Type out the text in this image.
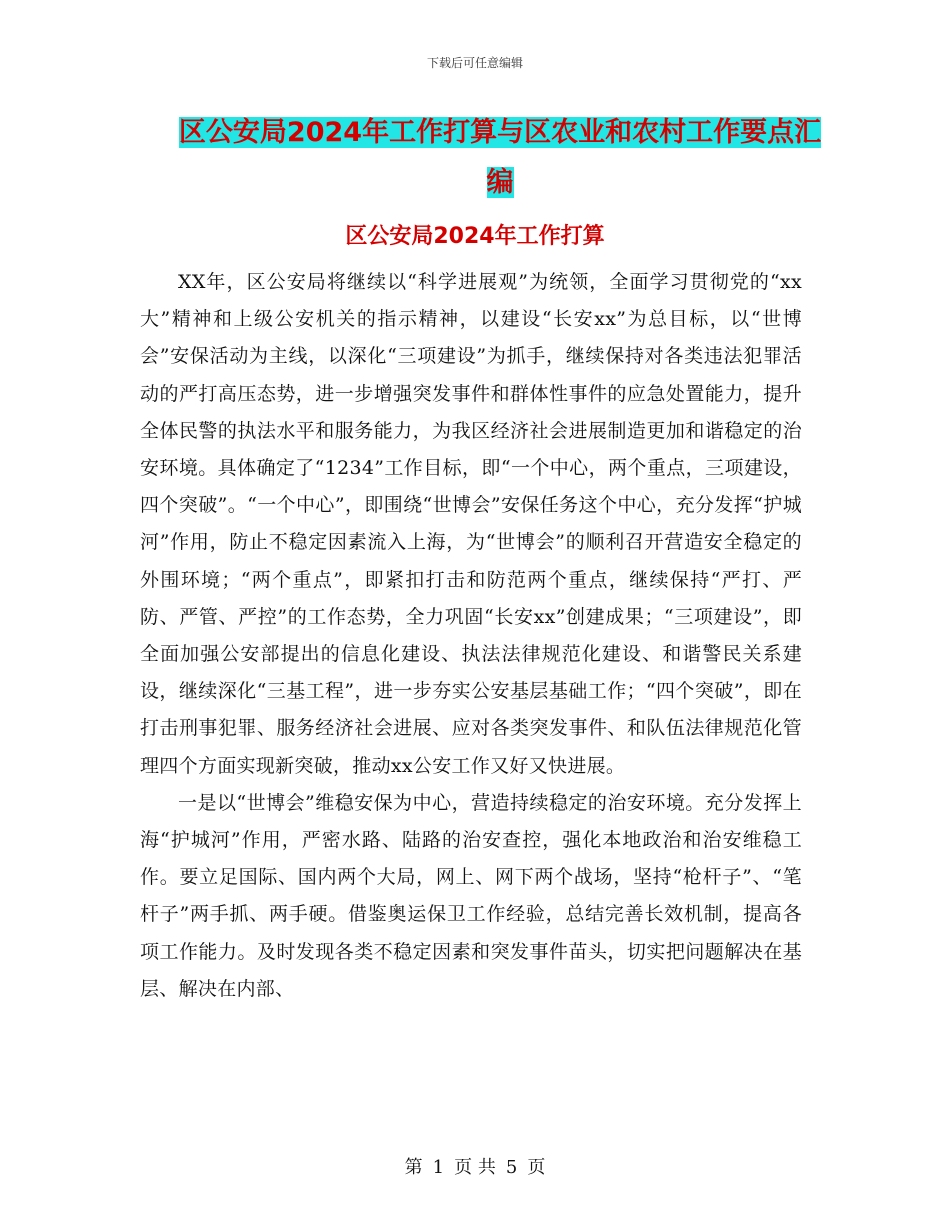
下载后可任意编辑
区公安局2024年工作打算与区农业和农村工作要点汇
编
区公安局2024年工作打算

XX年，区公安局将继续以“科学进展观”为统领，全面学习贯彻党的“xx大”精神和上级公安机关的指示精神，以建设“长安xx”为总目标，以“世博会”安保活动为主线，以深化“三项建设”为抓手，继续保持对各类违法犯罪活动的严打高压态势，进一步增强突发事件和群体性事件的应急处置能力，提升全体民警的执法水平和服务能力，为我区经济社会进展制造更加和谐稳定的治安环境。具体确定了“1234”工作目标，即“一个中心，两个重点，三项建设，四个突破”。“一个中心”，即围绕“世博会”安保任务这个中心，充分发挥“护城河”作用，防止不稳定因素流入上海，为“世博会”的顺利召开营造安全稳定的外围环境；“两个重点”，即紧扣打击和防范两个重点，继续保持“严打、严防、严管、严控”的工作态势，全力巩固“长安xx”创建成果；“三项建设”，即全面加强公安部提出的信息化建设、执法法律规范化建设、和谐警民关系建设，继续深化“三基工程”，进一步夯实公安基层基础工作；“四个突破”，即在打击刑事犯罪、服务经济社会进展、应对各类突发事件、和队伍法律规范化管理四个方面实现新突破，推动xx公安工作又好又快进展。

一是以“世博会”维稳安保为中心，营造持续稳定的治安环境。充分发挥上海“护城河”作用，严密水路、陆路的治安查控，强化本地政治和治安维稳工作。要立足国际、国内两个大局，网上、网下两个战场，坚持“枪杆子”、“笔杆子”两手抓、两手硬。借鉴奥运保卫工作经验，总结完善长效机制，提高各项工作能力。及时发现各类不稳定因素和突发事件苗头，切实把问题解决在基层、解决在内部、

第 1 页 共 5 页
